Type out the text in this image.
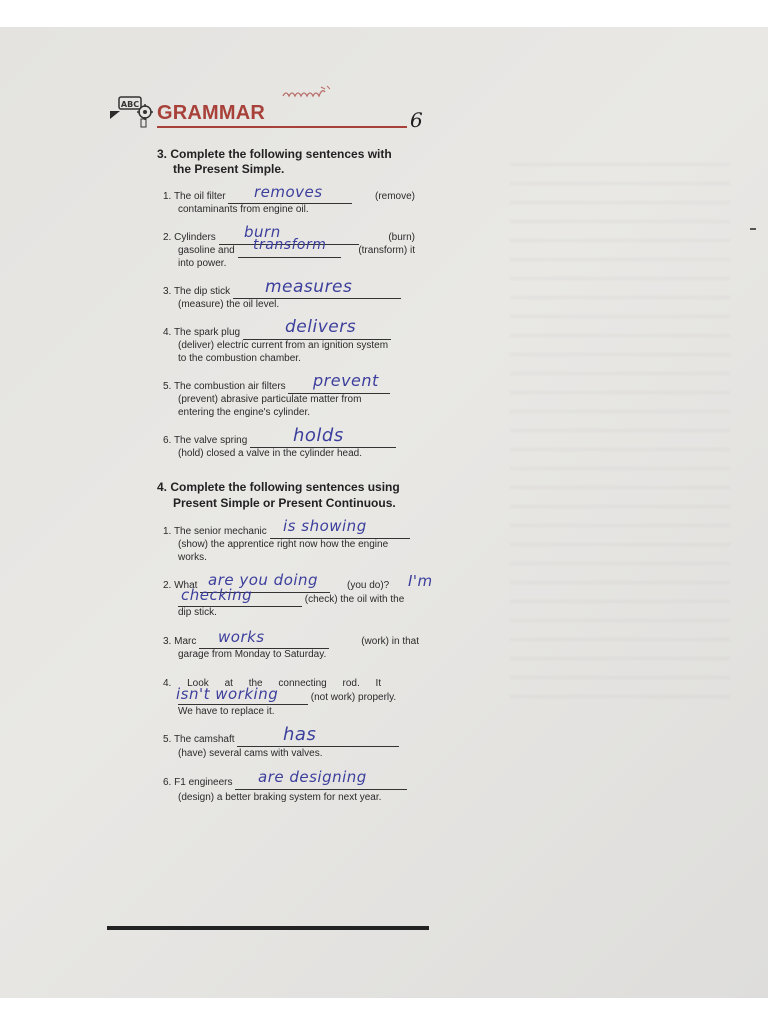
ABC GRAMMAR	6
3. Complete the following sentences with
the Present Simple.
1. The oil filter	(remove)
contaminants from engine oil.
removes
2. Cylinders	(burn)
gasoline and	(transform) it
into power.
burn
transform
3. The dip stick
(measure) the oil level.
measures
4. The spark plug
(deliver) electric current from an ignition system
to the combustion chamber.
delivers
5. The combustion air filters
(prevent) abrasive particulate matter from
entering the engine's cylinder.
prevent
6. The valve spring
(hold) closed a valve in the cylinder head.
holds
4. Complete the following sentences using
Present Simple or Present Continuous.
1. The senior mechanic
(show) the apprentice right now how the engine
works.
is showing
2. What	(you do)? I'm
(check) the oil with the
dip stick.
are you doing
checking
3. Marc	(work) in that
garage from Monday to Saturday.
works
4. Look at the connecting rod. It
(not work) properly.
We have to replace it.
isn't working
5. The camshaft
(have) several cams with valves.
has
6. F1 engineers
(design) a better braking system for next year.
are designing
